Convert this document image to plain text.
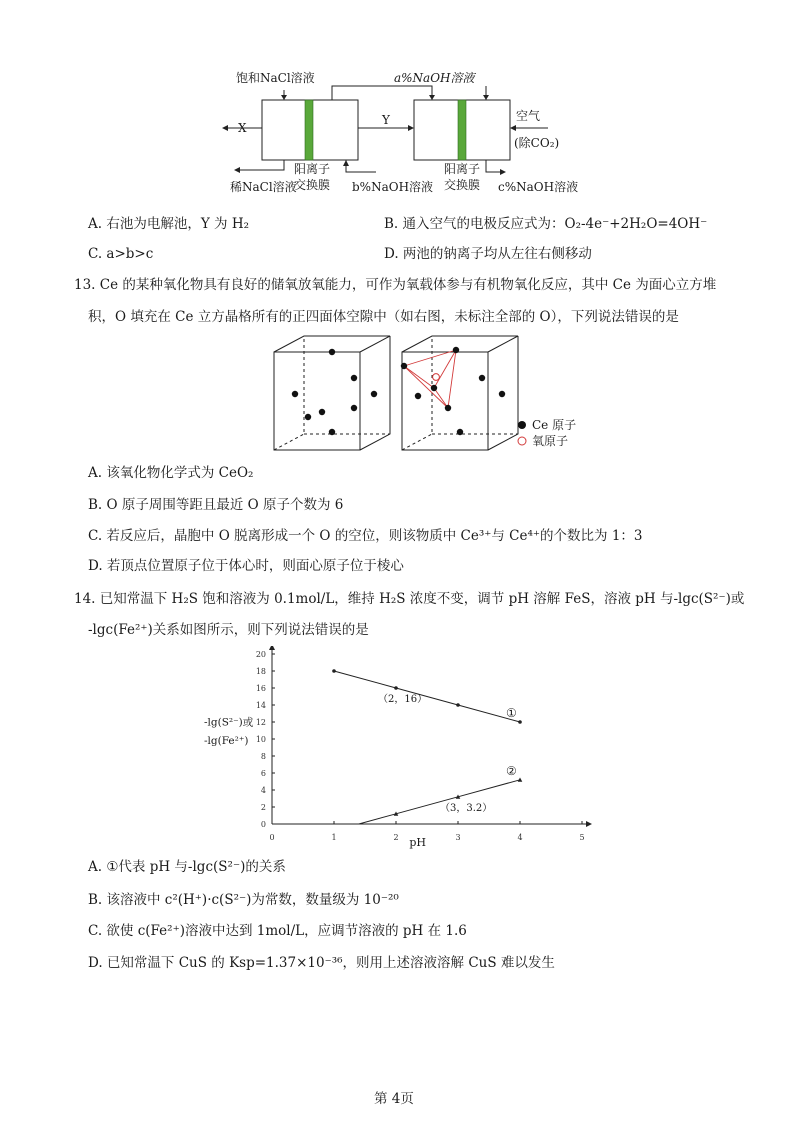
饱和NaCl溶液	a%NaOH溶液
X
Y	空气
(除CO₂)
阳离子
交换膜
阳离子
交换膜
稀NaCl溶液	b%NaOH溶液	c%NaOH溶液
A. 右池为电解池，Y 为 H₂	B. 通入空气的电极反应式为：O₂-4e⁻+2H₂O=4OH⁻
C. a>b>c	D. 两池的钠离子均从左往右侧移动
13. Ce 的某种氧化物具有良好的储氧放氧能力，可作为氧载体参与有机物氧化反应，其中 Ce 为面心立方堆
积，O 填充在 Ce 立方晶格所有的正四面体空隙中（如右图，未标注全部的 O），下列说法错误的是
Ce 原子
氧原子
A. 该氧化物化学式为 CeO₂
B. O 原子周围等距且最近 O 原子个数为 6
C. 若反应后，晶胞中 O 脱离形成一个 O 的空位，则该物质中 Ce³⁺与 Ce⁴⁺的个数比为 1：3
D. 若顶点位置原子位于体心时，则面心原子位于棱心
14. 已知常温下 H₂S 饱和溶液为 0.1mol/L，维持 H₂S 浓度不变，调节 pH 溶解 FeS，溶液 pH 与-lgc(S²⁻)或
-lgc(Fe²⁺)关系如图所示，则下列说法错误的是
0	1	2	3	4	5
0
2
4
6
8
10
12
14
16
18
20
pH
-lg(S²⁻)或
-lg(Fe²⁺)
①
②
（2，16）
（3，3.2）
A. ①代表 pH 与-lgc(S²⁻)的关系
B. 该溶液中 c²(H⁺)·c(S²⁻)为常数，数量级为 10⁻²⁰
C. 欲使 c(Fe²⁺)溶液中达到 1mol/L，应调节溶液的 pH 在 1.6
D. 已知常温下 CuS 的 Ksp=1.37×10⁻³⁶，则用上述溶液溶解 CuS 难以发生
第 4页
